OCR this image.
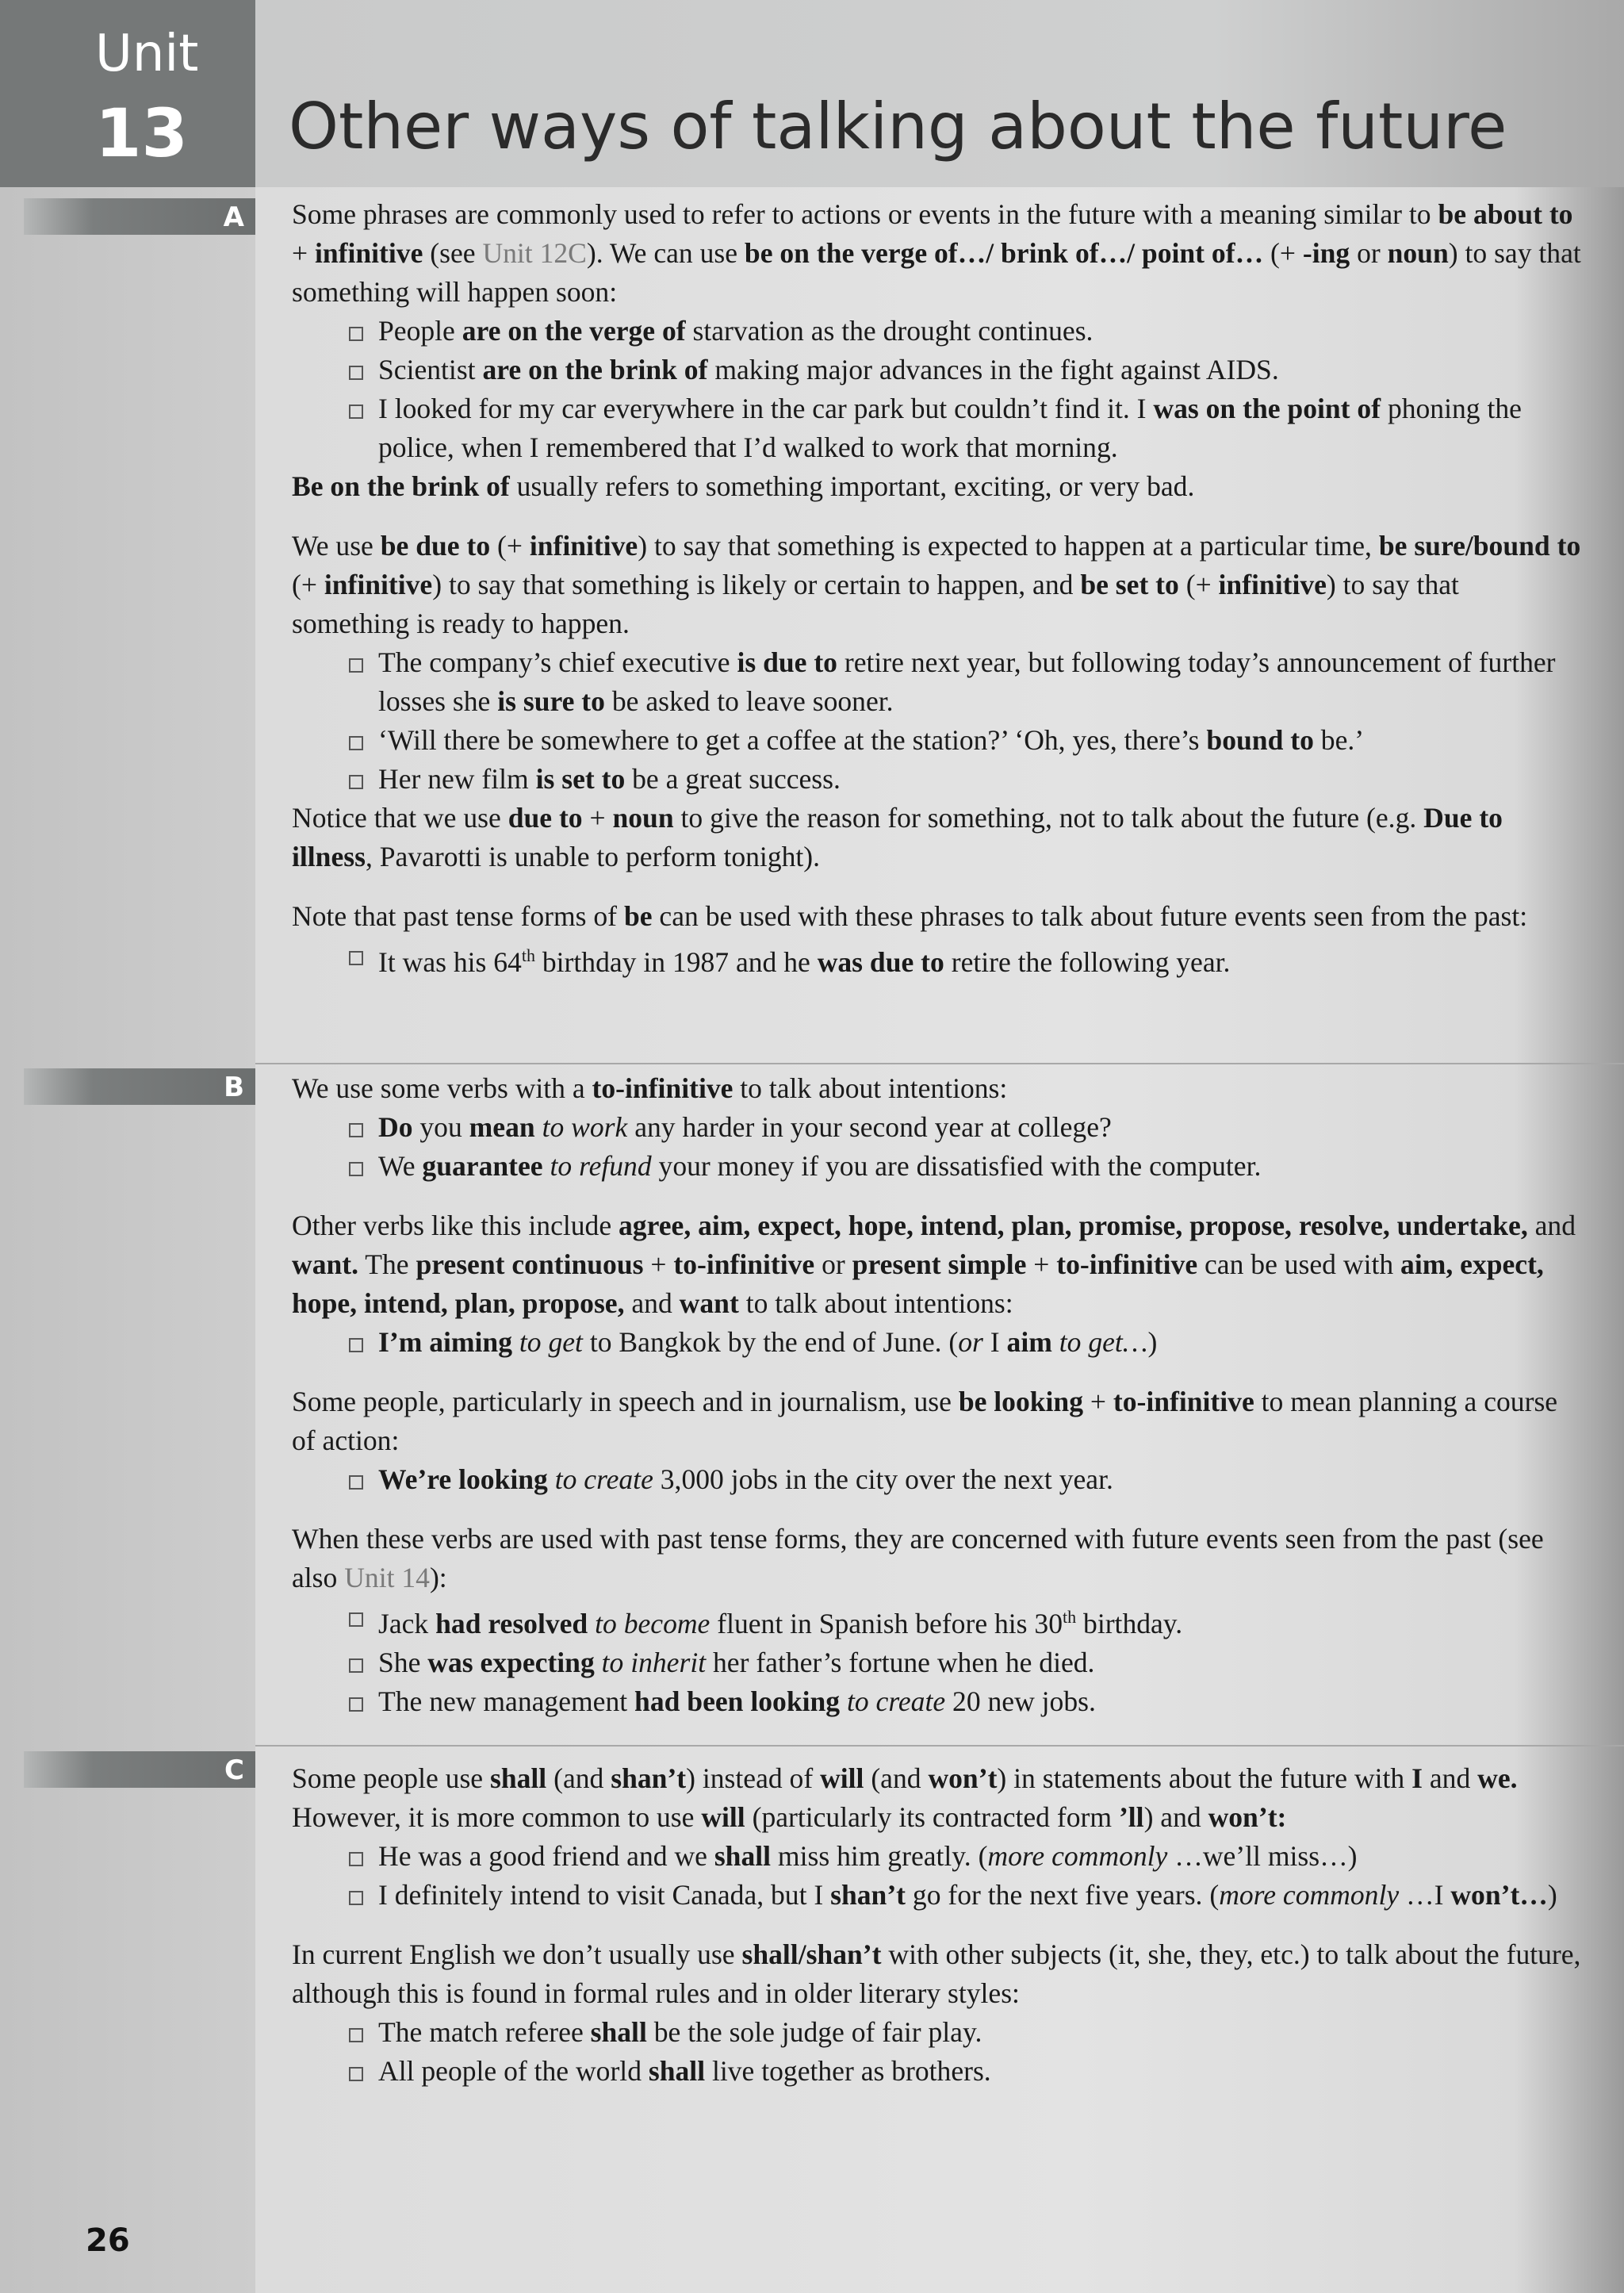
Unit
13 Other ways of talking about the future
A
B
C

Some phrases are commonly used to refer to actions or events in the future with a meaning similar to be about to + infinitive (see Unit 12C). We can use be on the verge of…/ brink of…/ point of… (+ -ing or noun) to say that something will happen soon:

People are on the verge of starvation as the drought continues.

Scientist are on the brink of making major advances in the fight against AIDS.

I looked for my car everywhere in the car park but couldn’t find it. I was on the point of phoning the police, when I remembered that I’d walked to work that morning.

Be on the brink of usually refers to something important, exciting, or very bad.

We use be due to (+ infinitive) to say that something is expected to happen at a particular time, be sure/bound to (+ infinitive) to say that something is likely or certain to happen, and be set to (+ infinitive) to say that something is ready to happen.

The company’s chief executive is due to retire next year, but following today’s announcement of further losses she is sure to be asked to leave sooner.

‘Will there be somewhere to get a coffee at the station?’ ‘Oh, yes, there’s bound to be.’

Her new film is set to be a great success.

Notice that we use due to + noun to give the reason for something, not to talk about the future (e.g. Due to illness, Pavarotti is unable to perform tonight).

Note that past tense forms of be can be used with these phrases to talk about future events seen from the past:

It was his 64th birthday in 1987 and he was due to retire the following year.

We use some verbs with a to-infinitive to talk about intentions:

Do you mean to work any harder in your second year at college?

We guarantee to refund your money if you are dissatisfied with the computer.

Other verbs like this include agree, aim, expect, hope, intend, plan, promise, propose, resolve, undertake, and want. The present continuous + to-infinitive or present simple + to-infinitive can be used with aim, expect, hope, intend, plan, propose, and want to talk about intentions:

I’m aiming to get to Bangkok by the end of June. (or I aim to get…)

Some people, particularly in speech and in journalism, use be looking + to-infinitive to mean planning a course of action:

We’re looking to create 3,000 jobs in the city over the next year.

When these verbs are used with past tense forms, they are concerned with future events seen from the past (see also Unit 14):

Jack had resolved to become fluent in Spanish before his 30th birthday.

She was expecting to inherit her father’s fortune when he died.

The new management had been looking to create 20 new jobs.

Some people use shall (and shan’t) instead of will (and won’t) in statements about the future with I and we. However, it is more common to use will (particularly its contracted form ’ll) and won’t:

He was a good friend and we shall miss him greatly. (more commonly …we’ll miss…)

I definitely intend to visit Canada, but I shan’t go for the next five years. (more commonly …I won’t…)

In current English we don’t usually use shall/shan’t with other subjects (it, she, they, etc.) to talk about the future, although this is found in formal rules and in older literary styles:

The match referee shall be the sole judge of fair play.

All people of the world shall live together as brothers.

26
